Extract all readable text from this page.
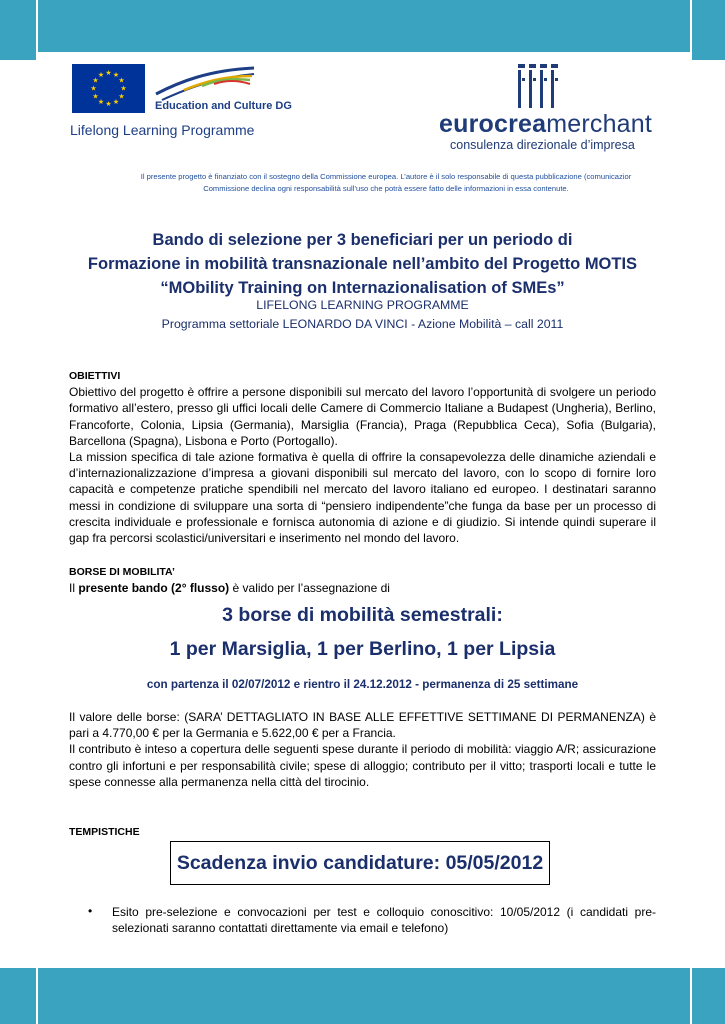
★ ★
★
★
★
★
★
★
★
★
★
★
Education and Culture DG
Lifelong Learning Programme	eurocreamerchant
consulenza direzionale d’impresa
Il presente progetto è finanziato con il sostegno della Commissione europea. L’autore è il solo responsabile di questa pubblicazione (comunicazior
Commissione declina ogni responsabilità sull’uso che potrà essere fatto delle informazioni in essa contenute.
Bando di selezione per 3 beneficiari per un periodo di
Formazione in mobilità transnazionale nell’ambito del Progetto MOTIS
“MObility Training on Internazionalisation of SMEs”
LIFELONG LEARNING PROGRAMME
Programma settoriale LEONARDO DA VINCI - Azione Mobilità – call 2011
OBIETTIVI
Obiettivo del progetto è offrire a persone disponibili sul mercato del lavoro l’opportunità di svolgere un periodo formativo all’estero, presso gli uffici locali delle Camere di Commercio Italiane a Budapest (Ungheria), Berlino, Francoforte, Colonia, Lipsia (Germania), Marsiglia (Francia), Praga (Repubblica Ceca), Sofia (Bulgaria), Barcellona (Spagna), Lisbona e Porto (Portogallo).
La mission specifica di tale azione formativa è quella di offrire la consapevolezza delle dinamiche aziendali e d’internazionalizzazione d’impresa a giovani disponibili sul mercato del lavoro, con lo scopo di fornire loro capacità e competenze pratiche spendibili nel mercato del lavoro italiano ed europeo. I destinatari saranno messi in condizione di sviluppare una sorta di “pensiero indipendente”che funga da base per un processo di crescita individuale e professionale e fornisca autonomia di azione e di giudizio. Si intende quindi superare il gap fra percorsi scolastici/universitari e inserimento nel mondo del lavoro.
BORSE DI MOBILITA’
Il presente bando (2° flusso) è valido per l’assegnazione di
3 borse di mobilità semestrali:
1 per Marsiglia, 1 per Berlino, 1 per Lipsia
con partenza il 02/07/2012 e rientro il 24.12.2012 - permanenza di 25 settimane
Il valore delle borse: (SARA’ DETTAGLIATO IN BASE ALLE EFFETTIVE SETTIMANE DI PERMANENZA) è pari a 4.770,00 € per la Germania e 5.622,00 € per a Francia.
Il contributo è inteso a copertura delle seguenti spese durante il periodo di mobilità: viaggio A/R; assicurazione contro gli infortuni e per responsabilità civile; spese di alloggio; contributo per il vitto; trasporti locali e tutte le spese connesse alla permanenza nella città del tirocinio.
TEMPISTICHE
Scadenza invio candidature: 05/05/2012
•	Esito pre-selezione e convocazioni per test e colloquio conoscitivo: 10/05/2012 (i candidati pre-selezionati saranno contattati direttamente via email e telefono)
